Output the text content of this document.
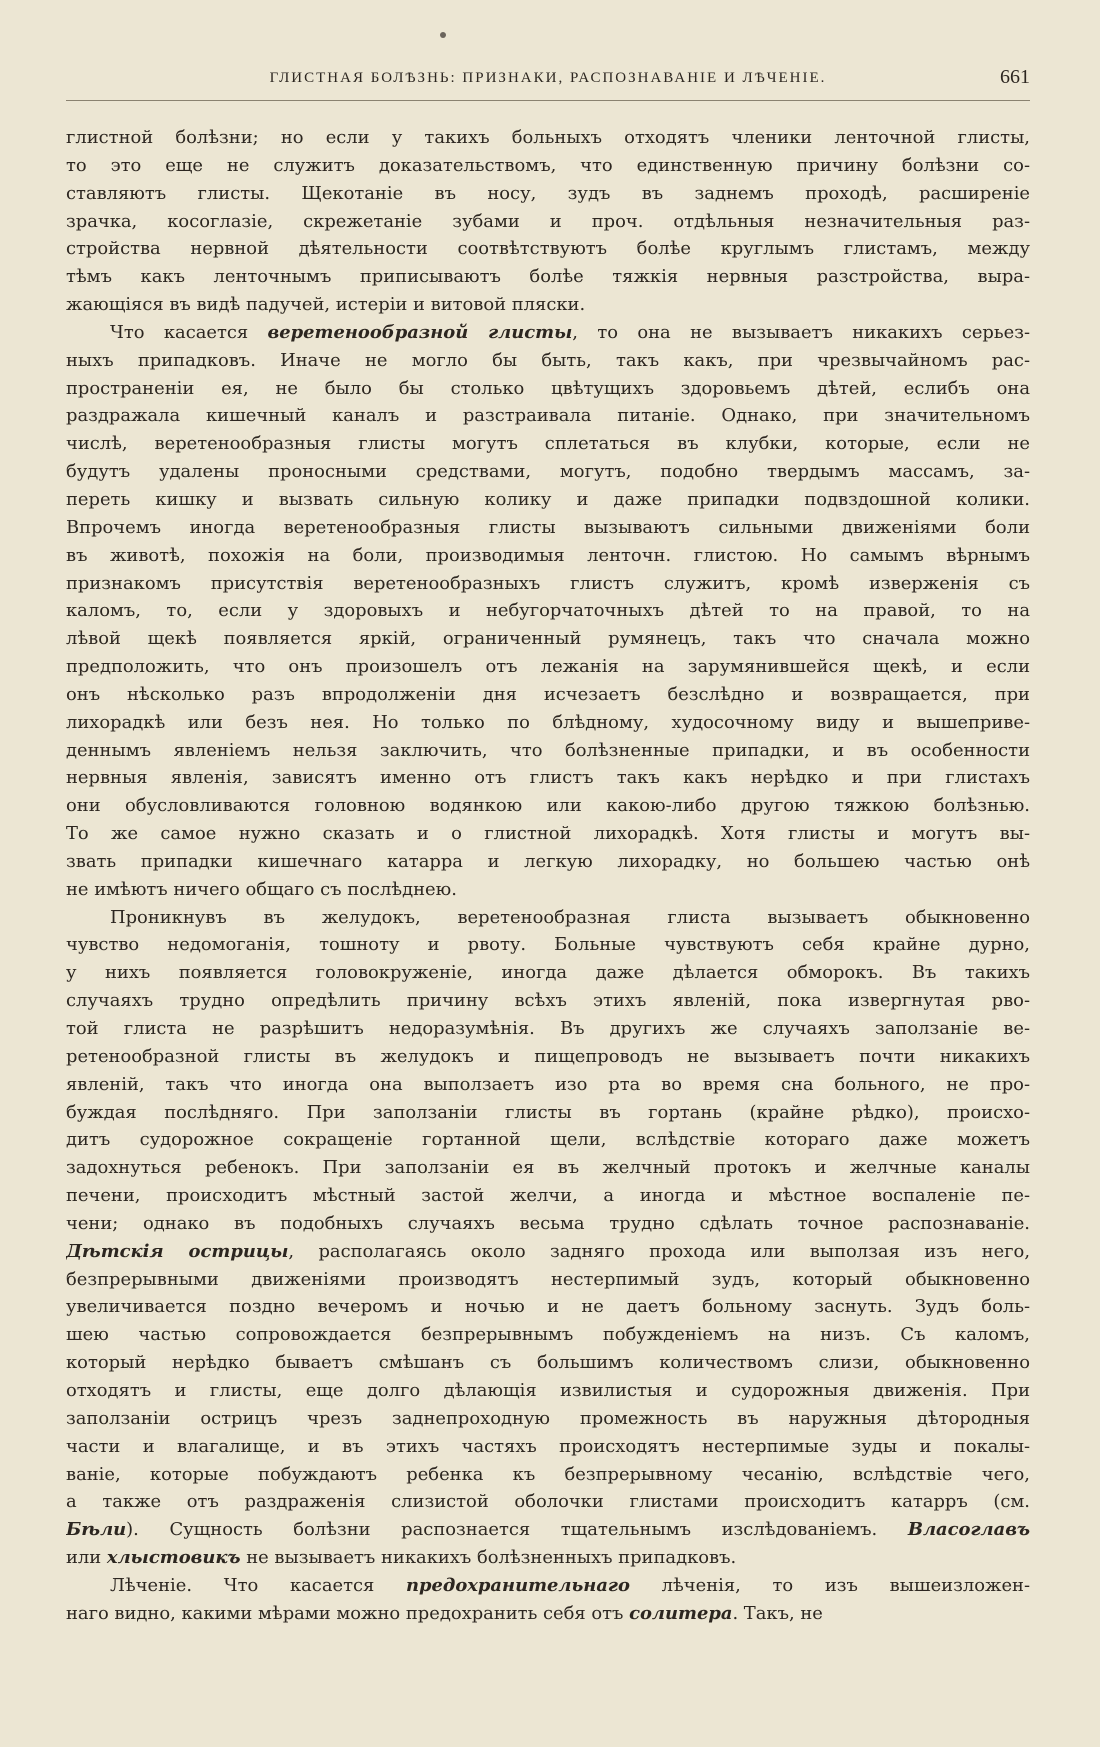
ГЛИСТНАЯ БОЛѢЗНЬ: ПРИЗНАКИ, РАСПОЗНАВАНІЕ И ЛѢЧЕНІЕ.	661
глистной болѣзни; но если у такихъ больныхъ отходятъ членики ленточной глисты,
то это еще не служитъ доказательствомъ, что единственную причину болѣзни со-
ставляютъ глисты. Щекотаніе въ носу, зудъ въ заднемъ проходѣ, расширеніе
зрачка, косоглазіе, скрежетаніе зубами и проч. отдѣльныя незначительныя раз-
стройства нервной дѣятельности соотвѣтствуютъ болѣе круглымъ глистамъ, между
тѣмъ какъ ленточнымъ приписываютъ болѣе тяжкія нервныя разстройства, выра-
жающіяся въ видѣ падучей, истеріи и витовой пляски.
Что касается веретенообразной глисты, то она не вызываетъ никакихъ серьез-
ныхъ припадковъ. Иначе не могло бы быть, такъ какъ, при чрезвычайномъ рас-
пространеніи ея, не было бы столько цвѣтущихъ здоровьемъ дѣтей, еслибъ она
раздражала кишечный каналъ и разстраивала питаніе. Однако, при значительномъ
числѣ, веретенообразныя глисты могутъ сплетаться въ клубки, которые, если не
будутъ удалены проносными средствами, могутъ, подобно твердымъ массамъ, за-
переть кишку и вызвать сильную колику и даже припадки подвздошной колики.
Впрочемъ иногда веретенообразныя глисты вызываютъ сильными движеніями боли
въ животѣ, похожія на боли, производимыя ленточн. глистою. Но самымъ вѣрнымъ
признакомъ присутствія веретенообразныхъ глистъ служитъ, кромѣ изверженія съ
каломъ, то, если у здоровыхъ и небугорчаточныхъ дѣтей то на правой, то на
лѣвой щекѣ появляется яркій, ограниченный румянецъ, такъ что сначала можно
предположить, что онъ произошелъ отъ лежанія на зарумянившейся щекѣ, и если
онъ нѣсколько разъ впродолженіи дня исчезаетъ безслѣдно и возвращается, при
лихорадкѣ или безъ нея. Но только по блѣдному, худосочному виду и вышеприве-
деннымъ явленіемъ нельзя заключить, что болѣзненные припадки, и въ особенности
нервныя явленія, зависятъ именно отъ глистъ такъ какъ нерѣдко и при глистахъ
они обусловливаются головною водянкою или какою-либо другою тяжкою болѣзнью.
То же самое нужно сказать и о глистной лихорадкѣ. Хотя глисты и могутъ вы-
звать припадки кишечнаго катарра и легкую лихорадку, но большею частью онѣ
не имѣютъ ничего общаго съ послѣднею.
Проникнувъ въ желудокъ, веретенообразная глиста вызываетъ обыкновенно
чувство недомоганія, тошноту и рвоту. Больные чувствуютъ себя крайне дурно,
у нихъ появляется головокруженіе, иногда даже дѣлается обморокъ. Въ такихъ
случаяхъ трудно опредѣлить причину всѣхъ этихъ явленій, пока извергнутая рво-
той глиста не разрѣшитъ недоразумѣнія. Въ другихъ же случаяхъ заползаніе ве-
ретенообразной глисты въ желудокъ и пищепроводъ не вызываетъ почти никакихъ
явленій, такъ что иногда она выползаетъ изо рта во время сна больного, не про-
буждая послѣдняго. При заползаніи глисты въ гортань (крайне рѣдко), происхо-
дитъ судорожное сокращеніе гортанной щели, вслѣдствіе котораго даже можетъ
задохнуться ребенокъ. При заползаніи ея въ желчный протокъ и желчные каналы
печени, происходитъ мѣстный застой желчи, а иногда и мѣстное воспаленіе пе-
чени; однако въ подобныхъ случаяхъ весьма трудно сдѣлать точное распознаваніе.
Дѣтскія острицы, располагаясь около задняго прохода или выползая изъ него,
безпрерывными движеніями производятъ нестерпимый зудъ, который обыкновенно
увеличивается поздно вечеромъ и ночью и не даетъ больному заснуть. Зудъ боль-
шею частью сопровождается безпрерывнымъ побужденіемъ на низъ. Съ каломъ,
который нерѣдко бываетъ смѣшанъ съ большимъ количествомъ слизи, обыкновенно
отходятъ и глисты, еще долго дѣлающія извилистыя и судорожныя движенія. При
заползаніи острицъ чрезъ заднепроходную промежность въ наружныя дѣтородныя
части и влагалище, и въ этихъ частяхъ происходятъ нестерпимые зуды и покалы-
ваніе, которые побуждаютъ ребенка къ безпрерывному чесанію, вслѣдствіе чего,
а также отъ раздраженія слизистой оболочки глистами происходитъ катарръ (см.
Бѣли). Сущность болѣзни распознается тщательнымъ изслѣдованіемъ. Власоглавъ
или хлыстовикъ не вызываетъ никакихъ болѣзненныхъ припадковъ.
Лѣченіе. Что касается предохранительнаго лѣченія, то изъ вышеизложен-
наго видно, какими мѣрами можно предохранить себя отъ солитера. Такъ, не
